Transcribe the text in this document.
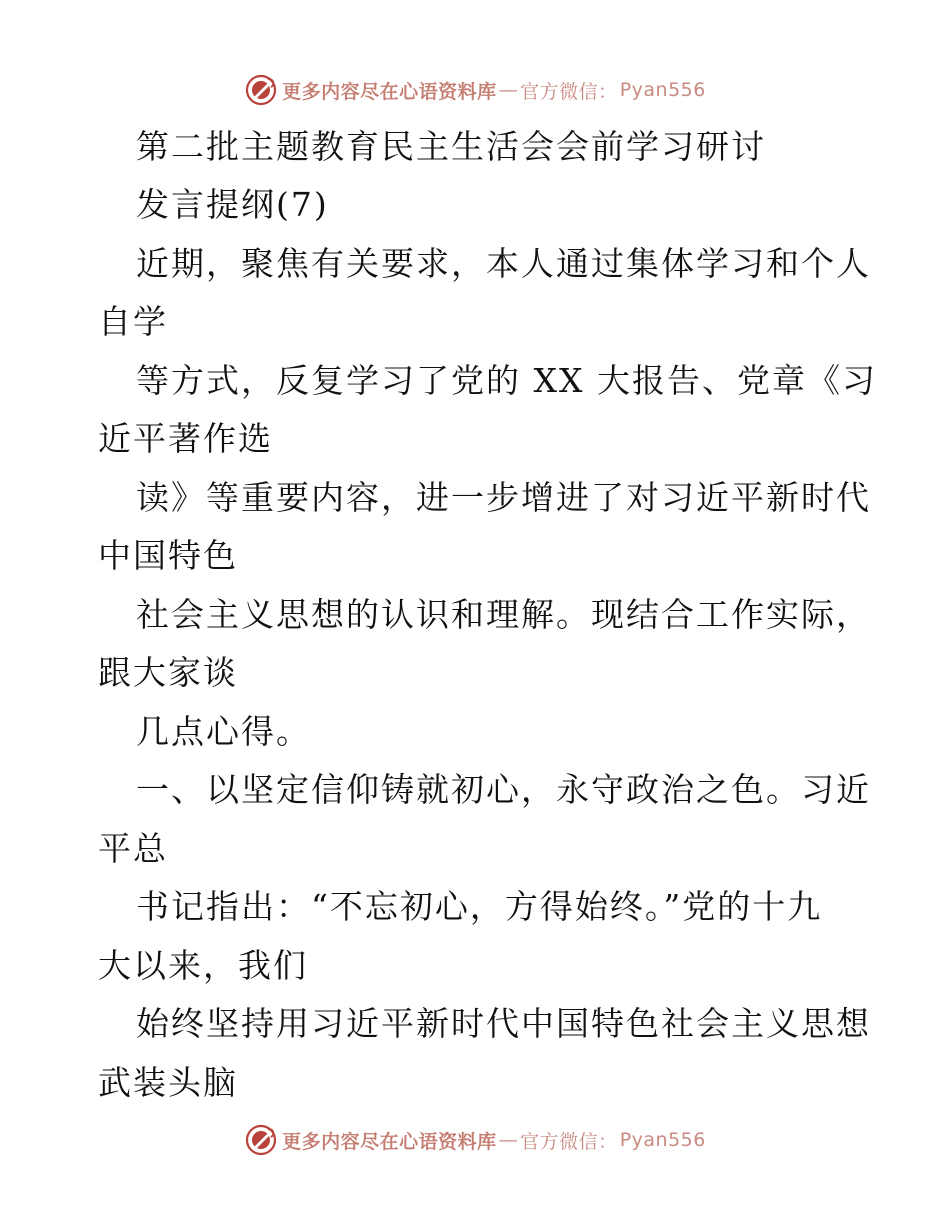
更多内容尽在心语资料库 — 官方微信： Pyan556
第二批主题教育民主生活会会前学习研讨
发言提纲(7)
近期，聚焦有关要求，本人通过集体学习和个人
自学
等方式，反复学习了党的 XX 大报告、党章《习
近平著作选
读》等重要内容，进一步增进了对习近平新时代
中国特色
社会主义思想的认识和理解。现结合工作实际，
跟大家谈
几点心得。
一、以坚定信仰铸就初心，永守政治之色。习近
平总
书记指出：“不忘初心，方得始终。”党的十九
大以来，我们
始终坚持用习近平新时代中国特色社会主义思想
武装头脑
更多内容尽在心语资料库 — 官方微信： Pyan556
